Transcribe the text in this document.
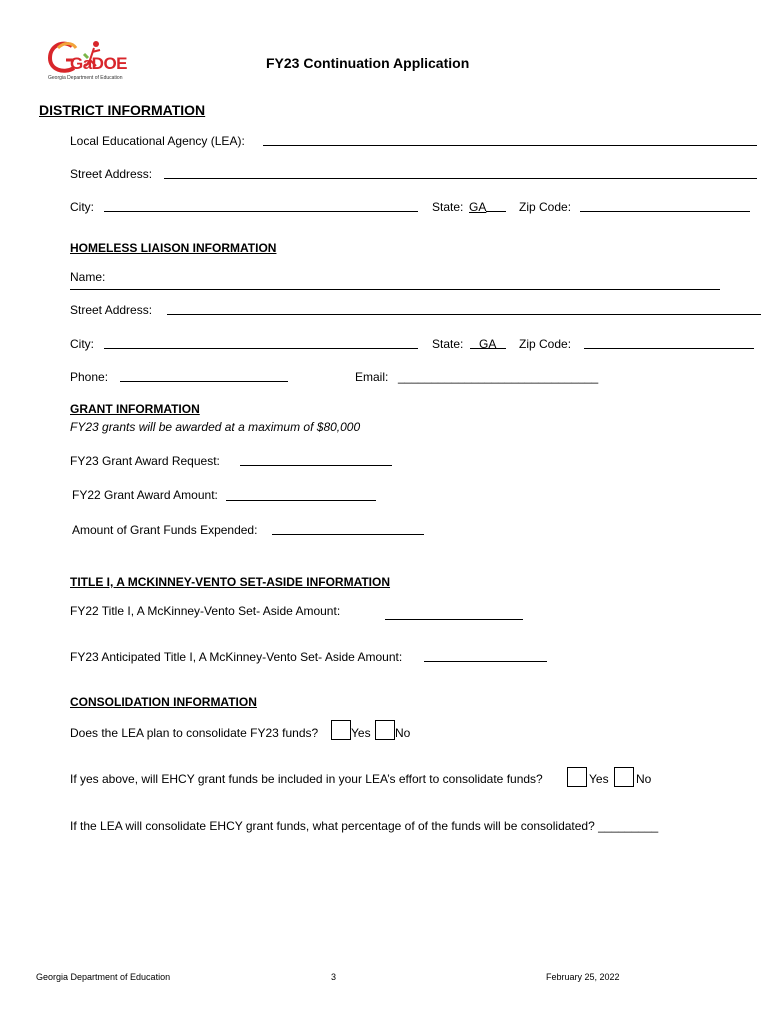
GaDOE
Georgia Department of Education
FY23 Continuation Application
DISTRICT INFORMATION
Local Educational Agency (LEA):
Street Address:
City:	State: GA	Zip Code:
HOMELESS LIAISON INFORMATION
Name:
Street Address:
City:	State: GA Zip Code:
Phone:	Email: ______________________________
GRANT INFORMATION
FY23 grants will be awarded at a maximum of $80,000
FY23 Grant Award Request:
FY22 Grant Award Amount:
Amount of Grant Funds Expended:
TITLE I, A MCKINNEY-VENTO SET-ASIDE INFORMATION
FY22 Title I, A McKinney-Vento Set- Aside Amount:
FY23 Anticipated Title I, A McKinney-Vento Set- Aside Amount:
CONSOLIDATION INFORMATION
Does the LEA plan to consolidate FY23 funds?	Yes No
If yes above, will EHCY grant funds be included in your LEA’s effort to consolidate funds?	Yes No
If the LEA will consolidate EHCY grant funds, what percentage of of the funds will be consolidated? _________
Georgia Department of Education	3	February 25, 2022
